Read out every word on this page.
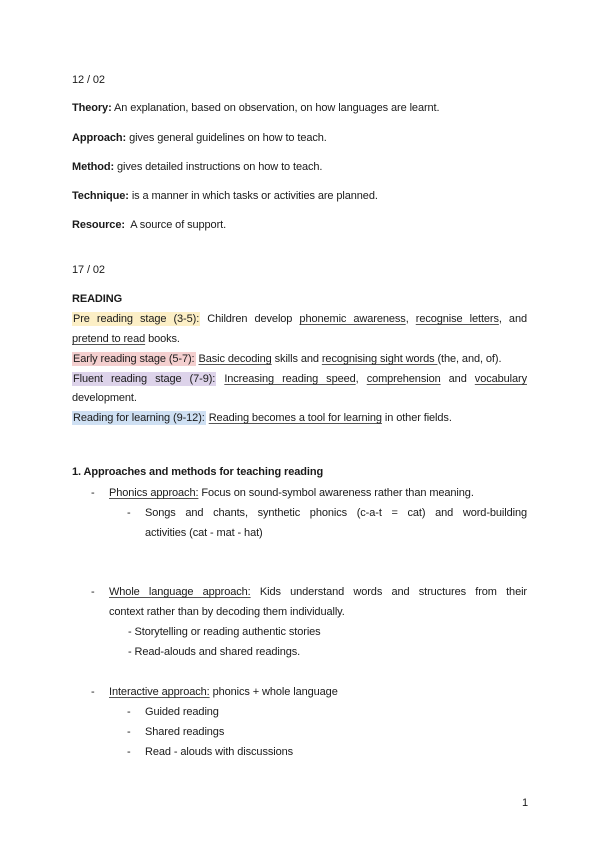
12 / 02
Theory: An explanation, based on observation, on how languages are learnt.
Approach: gives general guidelines on how to teach.
Method: gives detailed instructions on how to teach.
Technique: is a manner in which tasks or activities are planned.
Resource:  A source of support.
17 / 02
READING
Pre reading stage (3-5): Children develop phonemic awareness, recognise letters, and
pretend to read books.
Early reading stage (5-7): Basic decoding skills and recognising sight words (the, and, of).
Fluent reading stage (7-9): Increasing reading speed, comprehension and vocabulary
development.
Reading for learning (9-12): Reading becomes a tool for learning in other fields.
1. Approaches and methods for teaching reading
- Phonics approach: Focus on sound-symbol awareness rather than meaning.
- Songs and chants, synthetic phonics (c-a-t = cat) and word-building
activities (cat - mat - hat)
- Whole language approach: Kids understand words and structures from their
context rather than by decoding them individually.
- Storytelling or reading authentic stories
- Read-alouds and shared readings.
- Interactive approach: phonics + whole language
- Guided reading
- Shared readings
- Read - alouds with discussions
1
